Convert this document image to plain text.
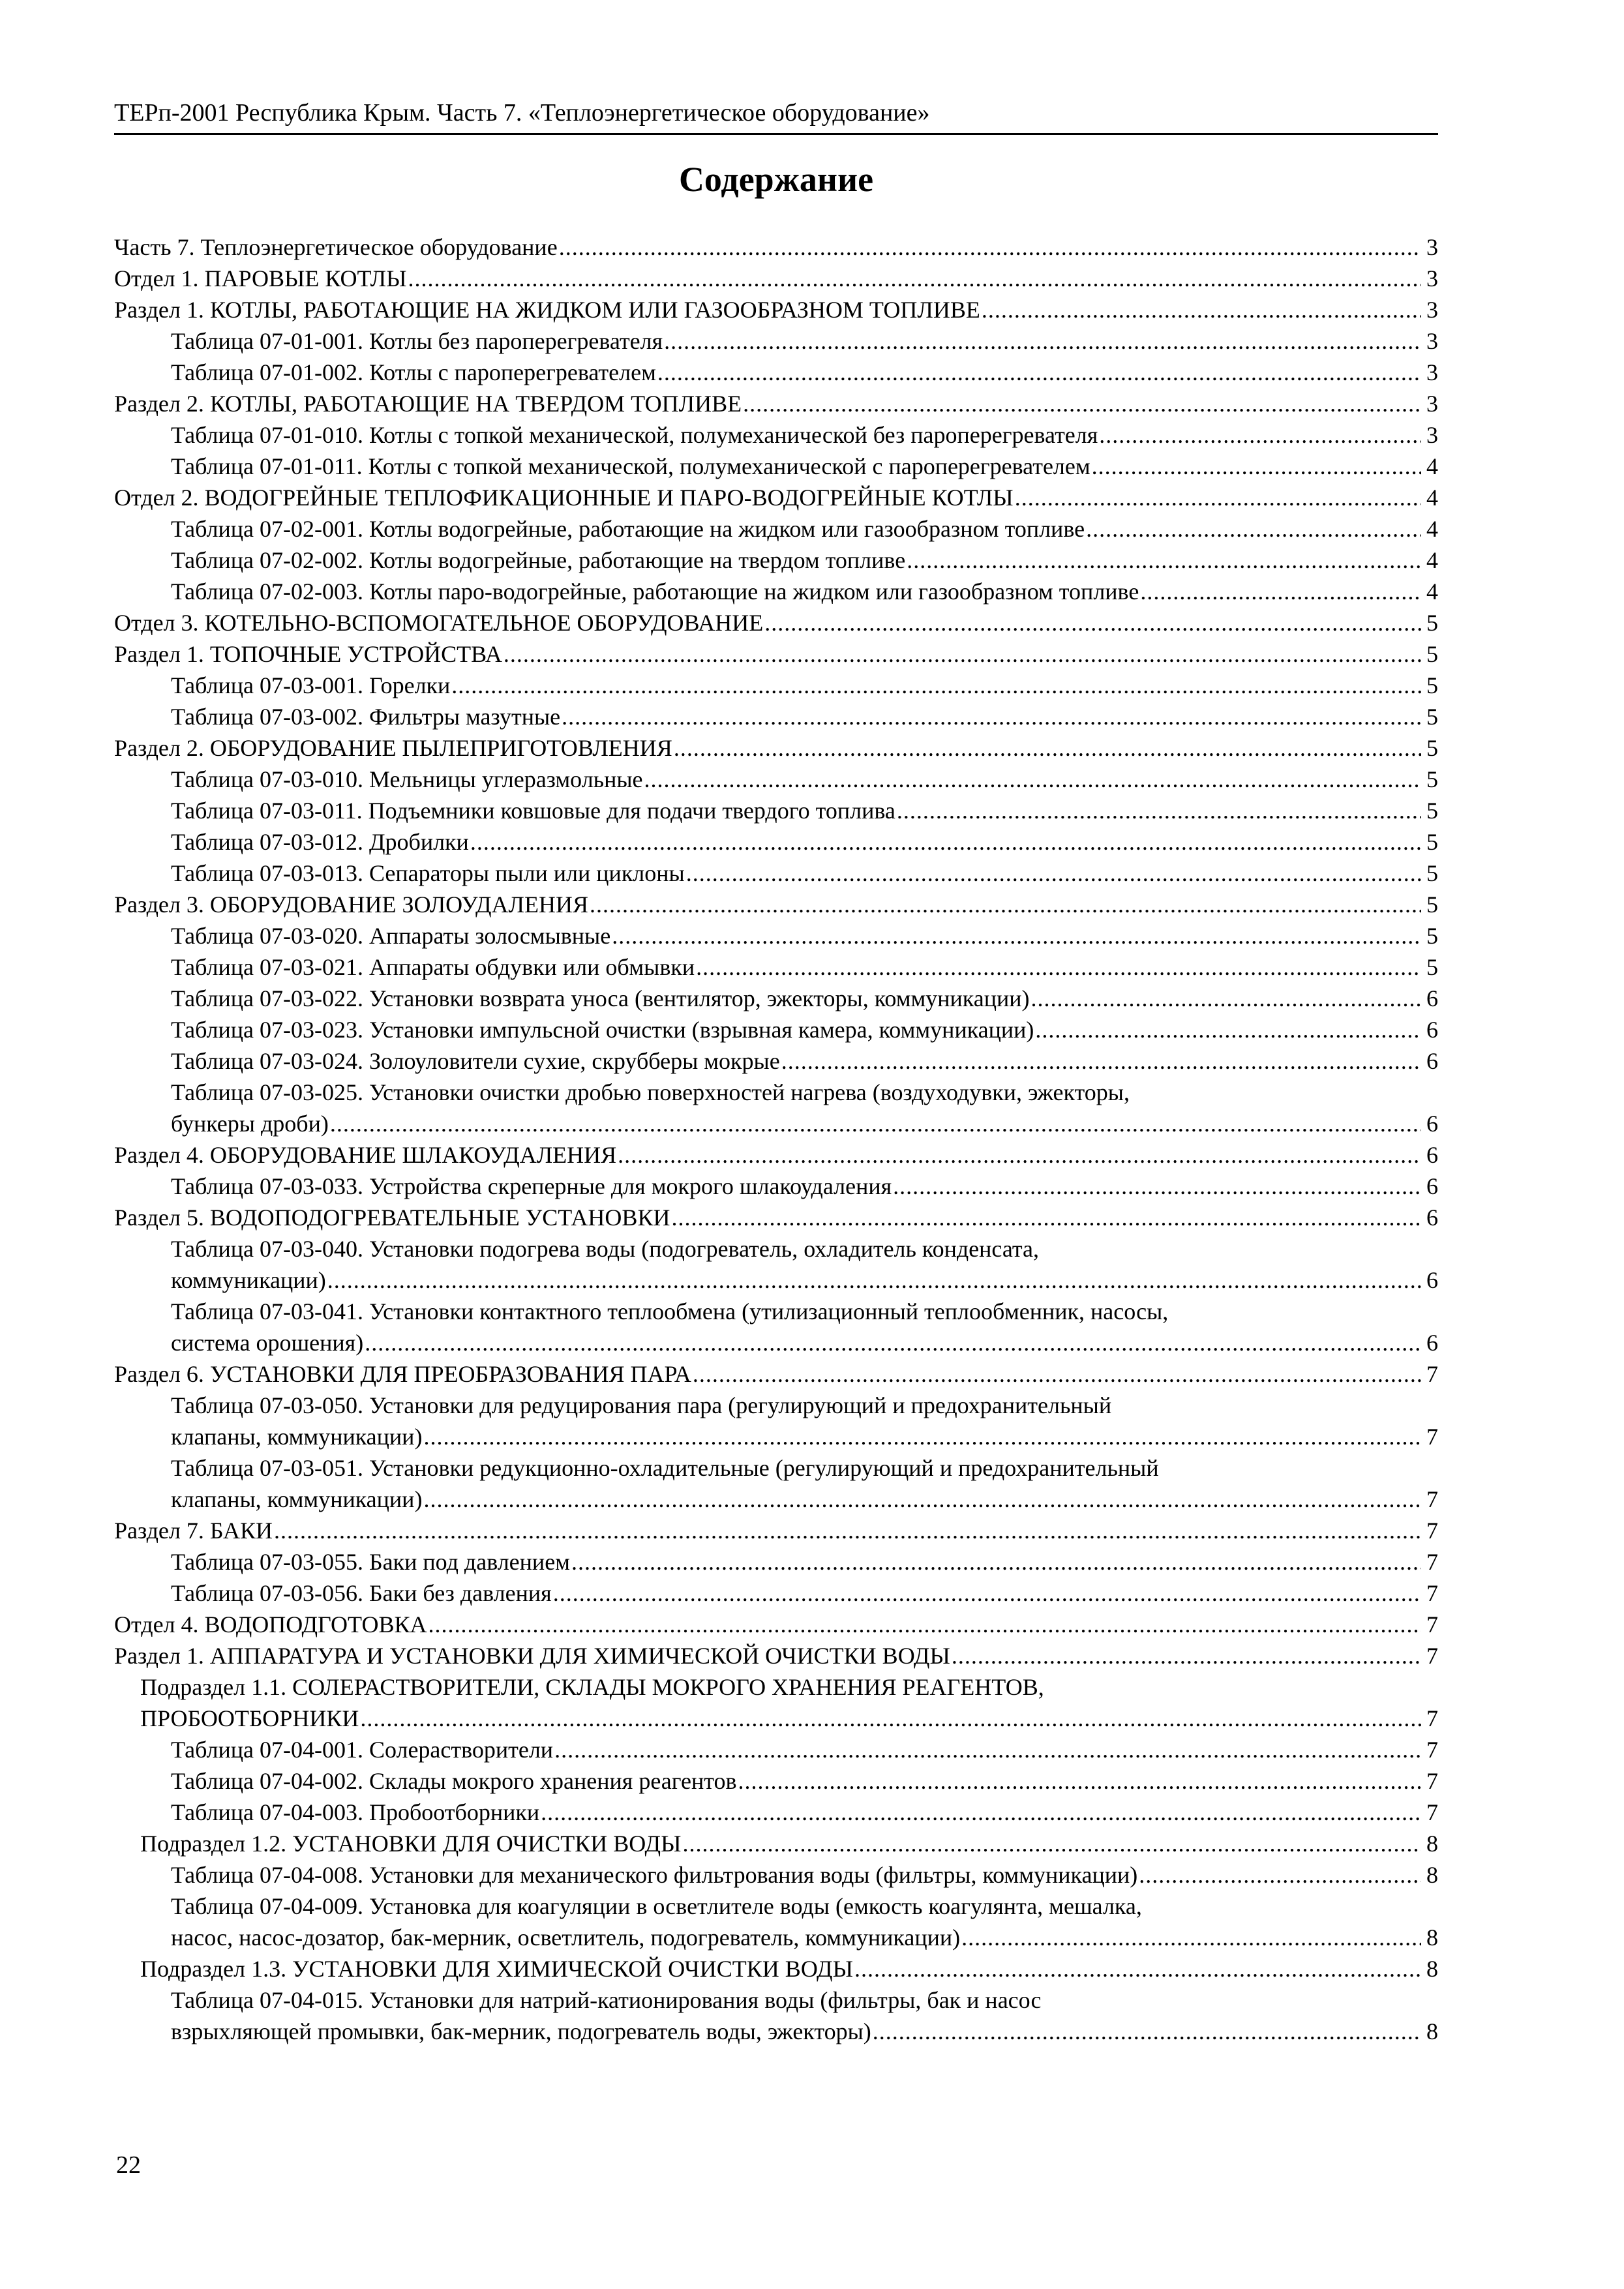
ТЕРп-2001 Республика Крым. Часть 7. «Теплоэнергетическое оборудование»
Содержание
Часть 7. Теплоэнергетическое оборудование .....	3
Отдел 1. ПАРОВЫЕ КОТЛЫ .....	3
Раздел 1. КОТЛЫ, РАБОТАЮЩИЕ НА ЖИДКОМ ИЛИ ГАЗООБРАЗНОМ ТОПЛИВЕ .....	3
Таблица 07-01-001. Котлы без пароперегревателя .....	3
Таблица 07-01-002. Котлы с пароперегревателем .....	3
Раздел 2. КОТЛЫ, РАБОТАЮЩИЕ НА ТВЕРДОМ ТОПЛИВЕ .....	3
Таблица 07-01-010. Котлы с топкой механической, полумеханической без пароперегревателя .....	3
Таблица 07-01-011. Котлы с топкой механической, полумеханической с пароперегревателем .....	4
Отдел 2. ВОДОГРЕЙНЫЕ ТЕПЛОФИКАЦИОННЫЕ И ПАРО-ВОДОГРЕЙНЫЕ КОТЛЫ .....	4
Таблица 07-02-001. Котлы водогрейные, работающие на жидком или газообразном топливе .....	4
Таблица 07-02-002. Котлы водогрейные, работающие на твердом топливе .....	4
Таблица 07-02-003. Котлы паро-водогрейные, работающие на жидком или газообразном топливе .....	4
Отдел 3. КОТЕЛЬНО-ВСПОМОГАТЕЛЬНОЕ ОБОРУДОВАНИЕ .....	5
Раздел 1. ТОПОЧНЫЕ УСТРОЙСТВА .....	5
Таблица 07-03-001. Горелки .....	5
Таблица 07-03-002. Фильтры мазутные .....	5
Раздел 2. ОБОРУДОВАНИЕ ПЫЛЕПРИГОТОВЛЕНИЯ .....	5
Таблица 07-03-010. Мельницы углеразмольные .....	5
Таблица 07-03-011. Подъемники ковшовые для подачи твердого топлива .....	5
Таблица 07-03-012. Дробилки .....	5
Таблица 07-03-013. Сепараторы пыли или циклоны .....	5
Раздел 3. ОБОРУДОВАНИЕ ЗОЛОУДАЛЕНИЯ .....	5
Таблица 07-03-020. Аппараты золосмывные .....	5
Таблица 07-03-021. Аппараты обдувки или обмывки .....	5
Таблица 07-03-022. Установки возврата уноса (вентилятор, эжекторы, коммуникации) .....	6
Таблица 07-03-023. Установки импульсной очистки (взрывная камера, коммуникации) .....	6
Таблица 07-03-024. Золоуловители сухие, скрубберы мокрые .....	6
Таблица 07-03-025. Установки очистки дробью поверхностей нагрева (воздуходувки, эжекторы,
бункеры дроби) .....	6
Раздел 4. ОБОРУДОВАНИЕ ШЛАКОУДАЛЕНИЯ .....	6
Таблица 07-03-033. Устройства скреперные для мокрого шлакоудаления .....	6
Раздел 5. ВОДОПОДОГРЕВАТЕЛЬНЫЕ УСТАНОВКИ .....	6
Таблица 07-03-040. Установки подогрева воды (подогреватель, охладитель конденсата,
коммуникации) .....	6
Таблица 07-03-041. Установки контактного теплообмена (утилизационный теплообменник, насосы,
система орошения) .....	6
Раздел 6. УСТАНОВКИ ДЛЯ ПРЕОБРАЗОВАНИЯ ПАРА .....	7
Таблица 07-03-050. Установки для редуцирования пара (регулирующий и предохранительный
клапаны, коммуникации) .....	7
Таблица 07-03-051. Установки редукционно-охладительные (регулирующий и предохранительный
клапаны, коммуникации) .....	7
Раздел 7. БАКИ .....	7
Таблица 07-03-055. Баки под давлением .....	7
Таблица 07-03-056. Баки без давления .....	7
Отдел 4. ВОДОПОДГОТОВКА .....	7
Раздел 1. АППАРАТУРА И УСТАНОВКИ ДЛЯ ХИМИЧЕСКОЙ ОЧИСТКИ ВОДЫ .....	7
Подраздел 1.1. СОЛЕРАСТВОРИТЕЛИ, СКЛАДЫ МОКРОГО ХРАНЕНИЯ РЕАГЕНТОВ,
ПРОБООТБОРНИКИ .....	7
Таблица 07-04-001. Солерастворители .....	7
Таблица 07-04-002. Склады мокрого хранения реагентов .....	7
Таблица 07-04-003. Пробоотборники .....	7
Подраздел 1.2. УСТАНОВКИ ДЛЯ ОЧИСТКИ ВОДЫ .....	8
Таблица 07-04-008. Установки для механического фильтрования воды (фильтры, коммуникации) .....	8
Таблица 07-04-009. Установка для коагуляции в осветлителе воды (емкость коагулянта, мешалка,
насос, насос-дозатор, бак-мерник, осветлитель, подогреватель, коммуникации) .....	8
Подраздел 1.3. УСТАНОВКИ ДЛЯ ХИМИЧЕСКОЙ ОЧИСТКИ ВОДЫ .....	8
Таблица 07-04-015. Установки для натрий-катионирования воды (фильтры, бак и насос
взрыхляющей промывки, бак-мерник, подогреватель воды, эжекторы) .....	8
22
